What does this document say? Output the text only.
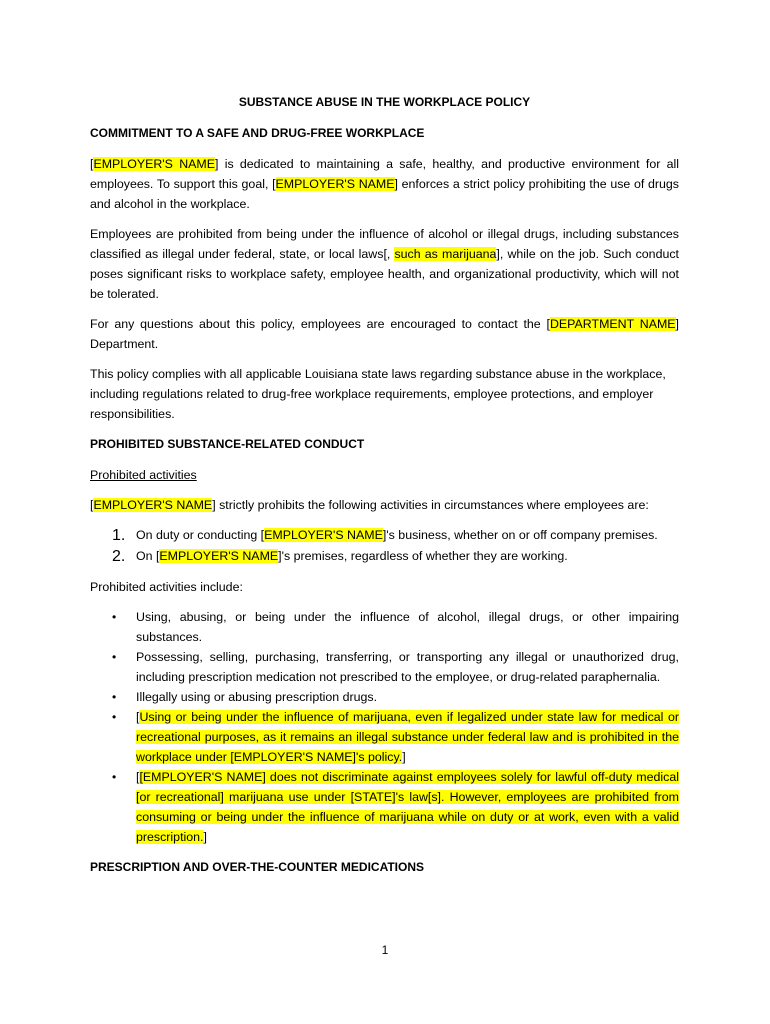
SUBSTANCE ABUSE IN THE WORKPLACE POLICY
COMMITMENT TO A SAFE AND DRUG-FREE WORKPLACE

[EMPLOYER'S NAME] is dedicated to maintaining a safe, healthy, and productive environment for all employees. To support this goal, [EMPLOYER'S NAME] enforces a strict policy prohibiting the use of drugs and alcohol in the workplace.

Employees are prohibited from being under the influence of alcohol or illegal drugs, including substances classified as illegal under federal, state, or local laws[, such as marijuana], while on the job. Such conduct poses significant risks to workplace safety, employee health, and organizational productivity, which will not be tolerated.

For any questions about this policy, employees are encouraged to contact the [DEPARTMENT NAME] Department.

This policy complies with all applicable Louisiana state laws regarding substance abuse in the workplace, including regulations related to drug-free workplace requirements, employee protections, and employer responsibilities.

PROHIBITED SUBSTANCE-RELATED CONDUCT
Prohibited activities

[EMPLOYER'S NAME] strictly prohibits the following activities in circumstances where employees are:

1. On duty or conducting [EMPLOYER'S NAME]'s business, whether on or off company premises.
2. On [EMPLOYER'S NAME]'s premises, regardless of whether they are working.

Prohibited activities include:

• Using, abusing, or being under the influence of alcohol, illegal drugs, or other impairing substances.
• Possessing, selling, purchasing, transferring, or transporting any illegal or unauthorized drug, including prescription medication not prescribed to the employee, or drug-related paraphernalia.
• Illegally using or abusing prescription drugs.
• [Using or being under the influence of marijuana, even if legalized under state law for medical or recreational purposes, as it remains an illegal substance under federal law and is prohibited in the workplace under [EMPLOYER'S NAME]'s policy.]
• [[EMPLOYER'S NAME] does not discriminate against employees solely for lawful off-duty medical [or recreational] marijuana use under [STATE]'s law[s]. However, employees are prohibited from consuming or being under the influence of marijuana while on duty or at work, even with a valid prescription.]
PRESCRIPTION AND OVER-THE-COUNTER MEDICATIONS
1
